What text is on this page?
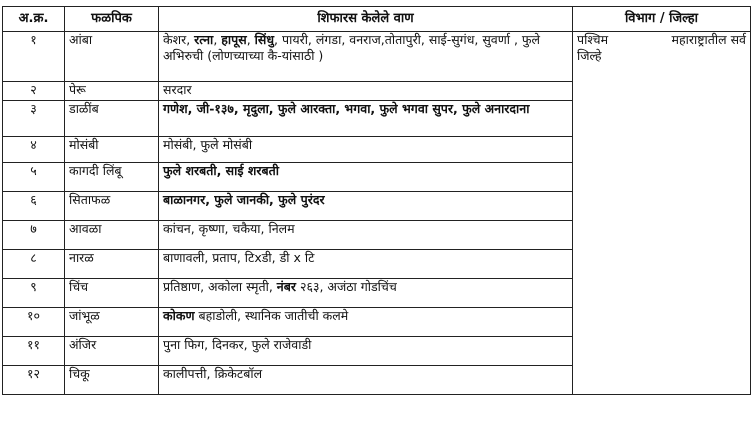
अ.क्र.	फळपिक	शिफारस केलेले वाण	विभाग / जिल्हा
१	आंबा	केशर, रत्ना, हापूस, सिंधु, पायरी, लंगडा, वनराज,तोतापुरी, साई-सुगंध, सुवर्णा , फुले अभिरुची (लोणच्याच्या कै-यांसाठी )	पश्चिम महाराष्ट्रातील सर्व
जिल्हे

२	पेरू	सरदार	
३	डाळींब	गणेश, जी-१३७, मृदुला, फुले आरक्ता, भगवा, फुले भगवा सुपर, फुले अनारदाना	
४	मोसंबी	मोसंबी, फुले मोसंबी	
५	कागदी लिंबू	फुले शरबती, साई शरबती	
६	सिताफळ	बाळानगर, फुले जानकी, फुले पुरंदर	
७	आवळा	कांचन, कृष्णा, चकैया, निलम	
८	नारळ	बाणावली, प्रताप, टिxडी, डी x टि	
९	चिंच	प्रतिष्ठाण, अकोला स्मृती, नंबर २६३, अजंठा गोडचिंच	
१०	जांभूळ	कोकण बहाडोली, स्थानिक जातीची कलमे	
११	अंजिर	पुना फिग, दिनकर, फुले राजेवाडी	
१२	चिकू	कालीपत्ती, क्रिकेटबॉल	
